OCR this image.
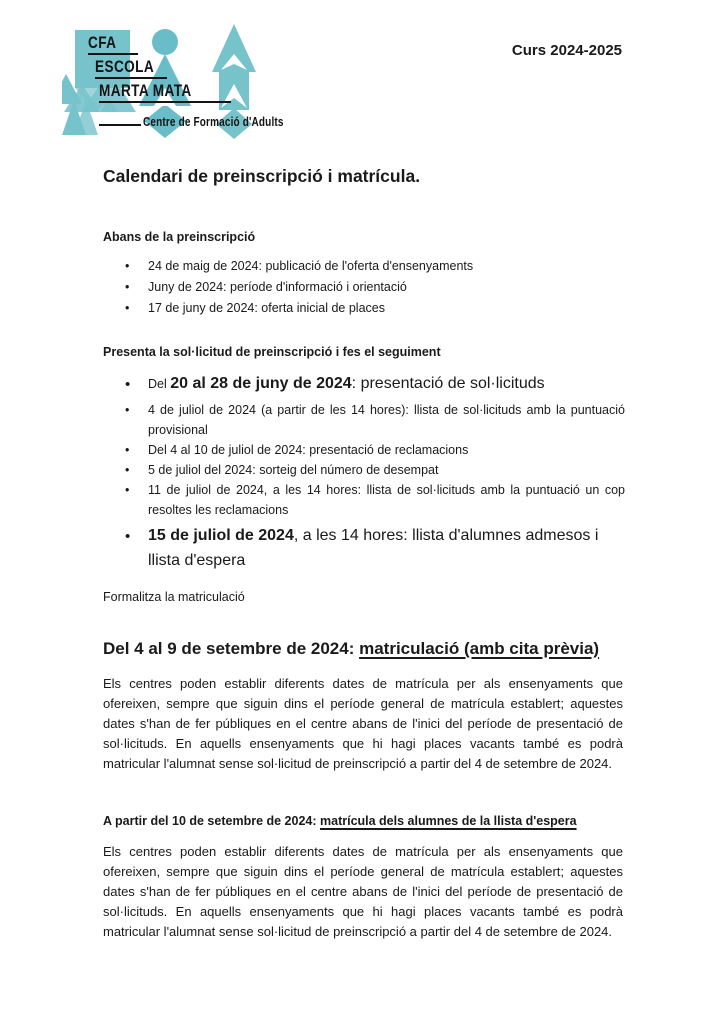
CFA
ESCOLA
MARTA MATA
Centre de Formació d'Adults
Curs 2024-2025
Calendari de preinscripció i matrícula.
Abans de la preinscripció
• 24 de maig de 2024: publicació de l'oferta d'ensenyaments
• Juny de 2024: període d'informació i orientació
• 17 de juny de 2024: oferta inicial de places
Presenta la sol·licitud de preinscripció i fes el seguiment
• Del 20 al 28 de juny de 2024: presentació de sol·licituds
• 4 de juliol de 2024 (a partir de les 14 hores): llista de sol·licituds amb la puntuació provisional
• Del 4 al 10 de juliol de 2024: presentació de reclamacions
• 5 de juliol del 2024: sorteig del número de desempat
• 11 de juliol de 2024, a les 14 hores: llista de sol·licituds amb la puntuació un cop resoltes les reclamacions
• 15 de juliol de 2024, a les 14 hores: llista d'alumnes admesos i llista d'espera
Formalitza la matriculació
Del 4 al 9 de setembre de 2024: matriculació (amb cita prèvia)

Els centres poden establir diferents dates de matrícula per als ensenyaments que ofereixen, sempre que siguin dins el període general de matrícula establert; aquestes dates s'han de fer públiques en el centre abans de l'inici del període de presentació de sol·licituds. En aquells ensenyaments que hi hagi places vacants també es podrà matricular l'alumnat sense sol·licitud de preinscripció a partir del 4 de setembre de 2024.

A partir del 10 de setembre de 2024: matrícula dels alumnes de la llista d'espera

Els centres poden establir diferents dates de matrícula per als ensenyaments que ofereixen, sempre que siguin dins el període general de matrícula establert; aquestes dates s'han de fer públiques en el centre abans de l'inici del període de presentació de sol·licituds. En aquells ensenyaments que hi hagi places vacants també es podrà matricular l'alumnat sense sol·licitud de preinscripció a partir del 4 de setembre de 2024.
